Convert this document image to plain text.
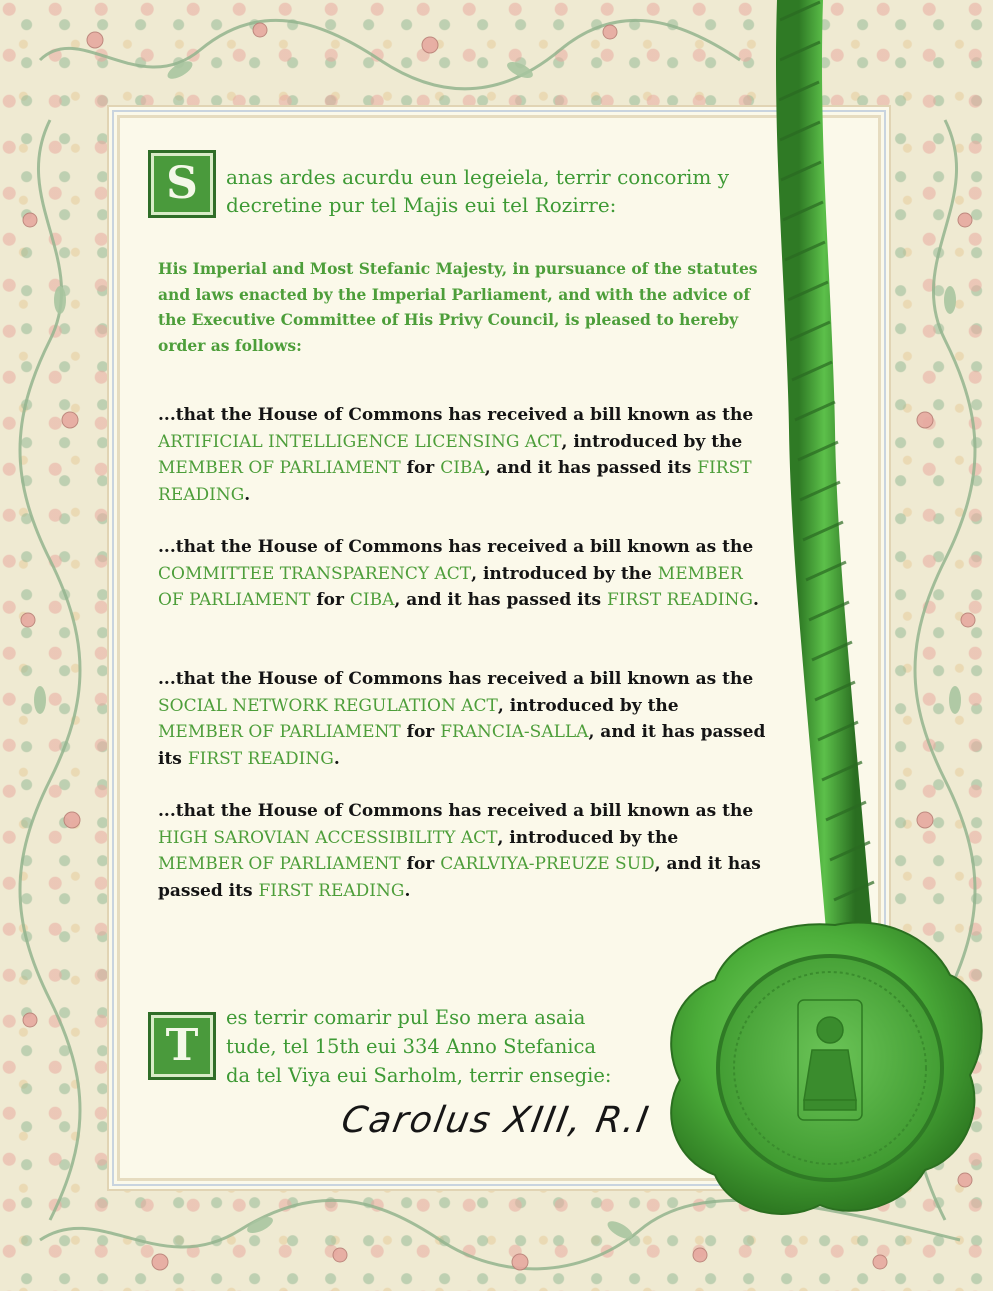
S	anas ardes acurdu eun legeiela, terrir concorim y
decretine pur tel Majis eui tel Rozirre:
His Imperial and Most Stefanic Majesty, in pursuance of the statutes and laws enacted by the Imperial Parliament, and with the advice of the Executive Committee of His Privy Council, is pleased to hereby order as follows:
...that the House of Commons has received a bill known as the ARTIFICIAL INTELLIGENCE LICENSING ACT, introduced by the MEMBER OF PARLIAMENT for CIBA, and it has passed its FIRST READING.
...that the House of Commons has received a bill known as the COMMITTEE TRANSPARENCY ACT, introduced by the MEMBER OF PARLIAMENT for CIBA, and it has passed its FIRST READING.
...that the House of Commons has received a bill known as the SOCIAL NETWORK REGULATION ACT, introduced by the MEMBER OF PARLIAMENT for FRANCIA-SALLA, and it has passed its FIRST READING.
...that the House of Commons has received a bill known as the HIGH SAROVIAN ACCESSIBILITY ACT, introduced by the MEMBER OF PARLIAMENT for CARLVIYA-PREUZE SUD, and it has passed its FIRST READING.
T
es terrir comarir pul Eso mera asaia
tude, tel 15th eui 334 Anno Stefanica
da tel Viya eui Sarholm, terrir ensegie:
Carolus XIII, R.I
